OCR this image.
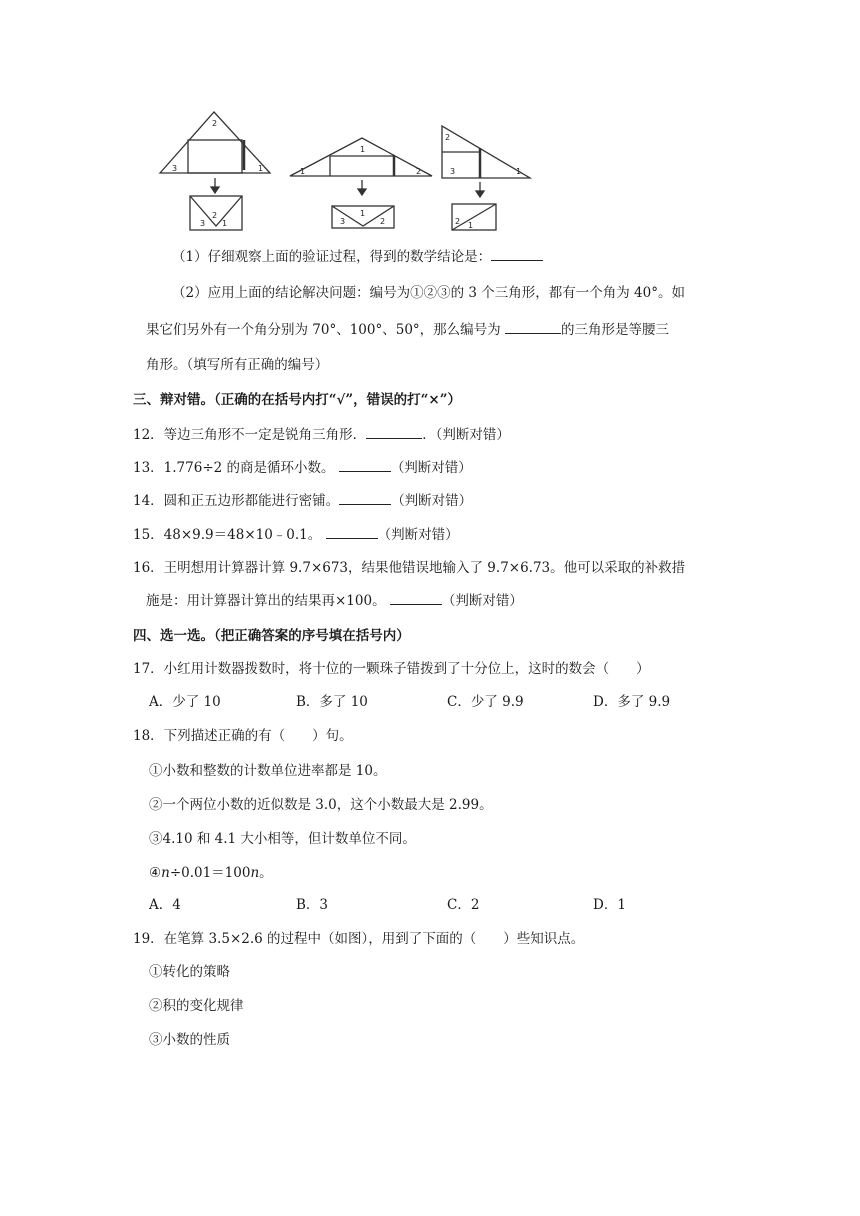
2
3	1
3
2
1
1
1
2
3
1
2
2
3	1
2 1
（1）仔细观察上面的验证过程，得到的数学结论是：
（2）应用上面的结论解决问题：编号为①②③的 3 个三角形，都有一个角为 40°。如
果它们另外有一个角分别为 70°、100°、50°，那么编号为	的三角形是等腰三
角形。（填写所有正确的编号）
三、辩对错。（正确的在括号内打“√”，错误的打“×”）
12．等边三角形不一定是锐角三角形．	．（判断对错）
13．1.776÷2 的商是循环小数。	（判断对错）
14．圆和正五边形都能进行密铺。	（判断对错）
15．48×9.9＝48×10﹣0.1。	（判断对错）
16．王明想用计算器计算 9.7×673，结果他错误地输入了 9.7×6.73。他可以采取的补救措
施是：用计算器计算出的结果再×100。	（判断对错）
四、选一选。（把正确答案的序号填在括号内）
17．小红用计数器拨数时，将十位的一颗珠子错拨到了十分位上，这时的数会（　　）
A．少了 10	B．多了 10	C．少了 9.9	D．多了 9.9
18．下列描述正确的有（　　）句。
①小数和整数的计数单位进率都是 10。
②一个两位小数的近似数是 3.0，这个小数最大是 2.99。
③4.10 和 4.1 大小相等，但计数单位不同。
④n÷0.01＝100n。
A．4	B．3	C．2	D．1
19．在笔算 3.5×2.6 的过程中（如图），用到了下面的（　　）些知识点。
①转化的策略
②积的变化规律
③小数的性质
